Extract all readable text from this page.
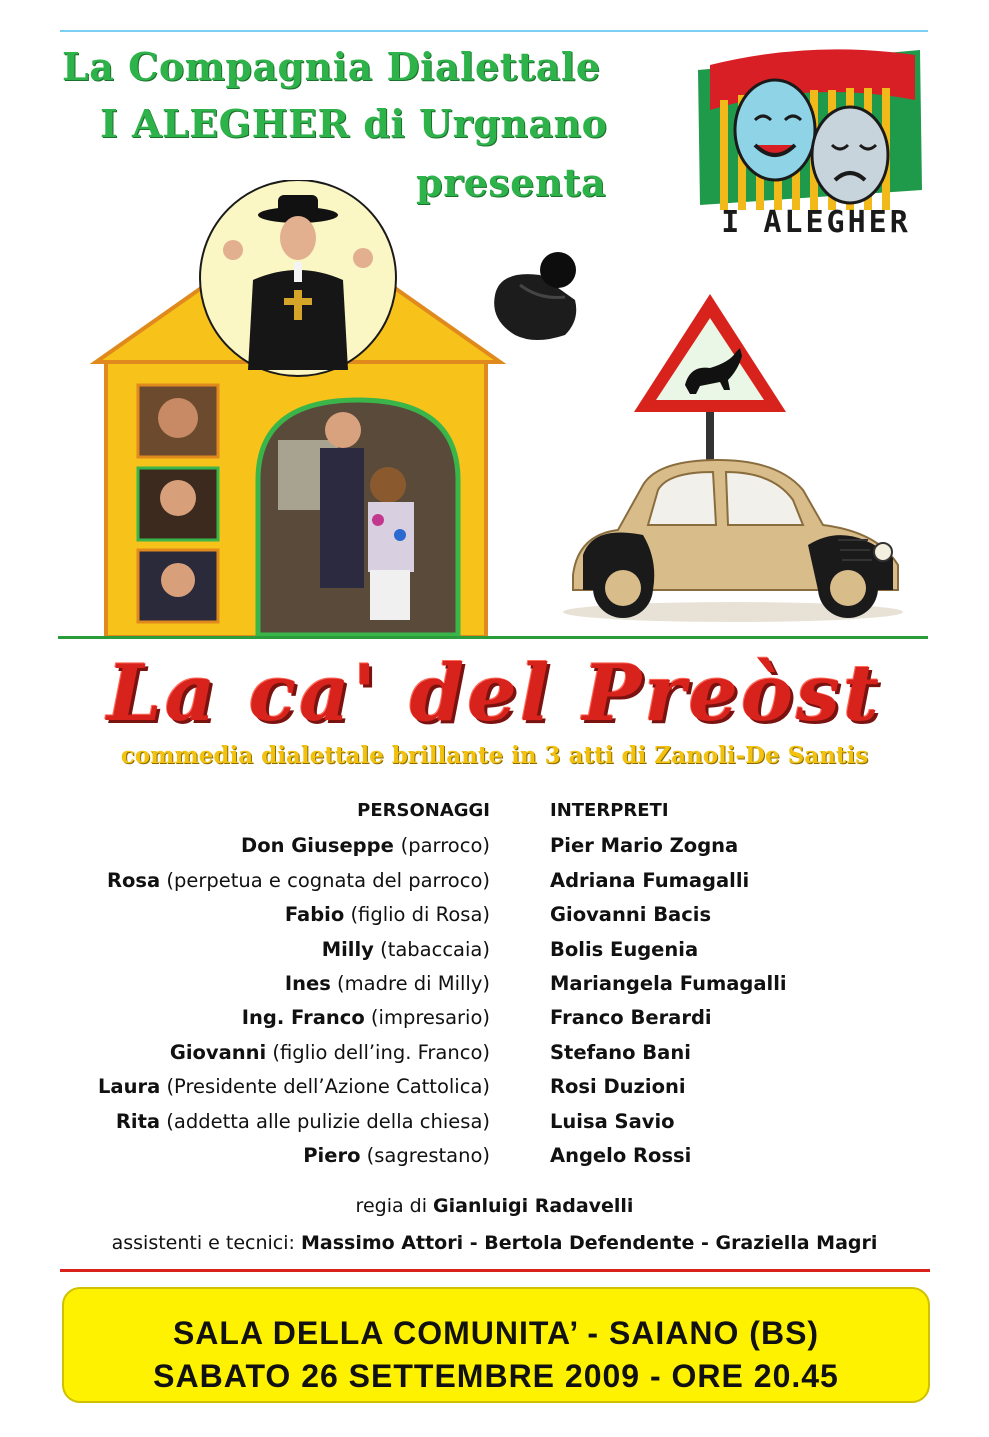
La Compagnia Dialettale
I ALEGHER di Urgnano
presenta
I ALEGHER
La ca' del Preòst
commedia dialettale brillante in 3 atti di Zanoli-De Santis
PERSONAGGI	INTERPRETI
Don Giuseppe (parroco)	Pier Mario Zogna
Rosa (perpetua e cognata del parroco)	Adriana Fumagalli
Fabio (figlio di Rosa)	Giovanni Bacis
Milly (tabaccaia)	Bolis Eugenia
Ines (madre di Milly)	Mariangela Fumagalli
Ing. Franco (impresario)	Franco Berardi
Giovanni (figlio dell’ing. Franco)	Stefano Bani
Laura (Presidente dell’Azione Cattolica)	Rosi Duzioni
Rita (addetta alle pulizie della chiesa)	Luisa Savio
Piero (sagrestano)	Angelo Rossi
regia di Gianluigi Radavelli
assistenti e tecnici: Massimo Attori - Bertola Defendente - Graziella Magri
SALA DELLA COMUNITA’ - SAIANO (BS)
SABATO 26 SETTEMBRE 2009 - ORE 20.45
